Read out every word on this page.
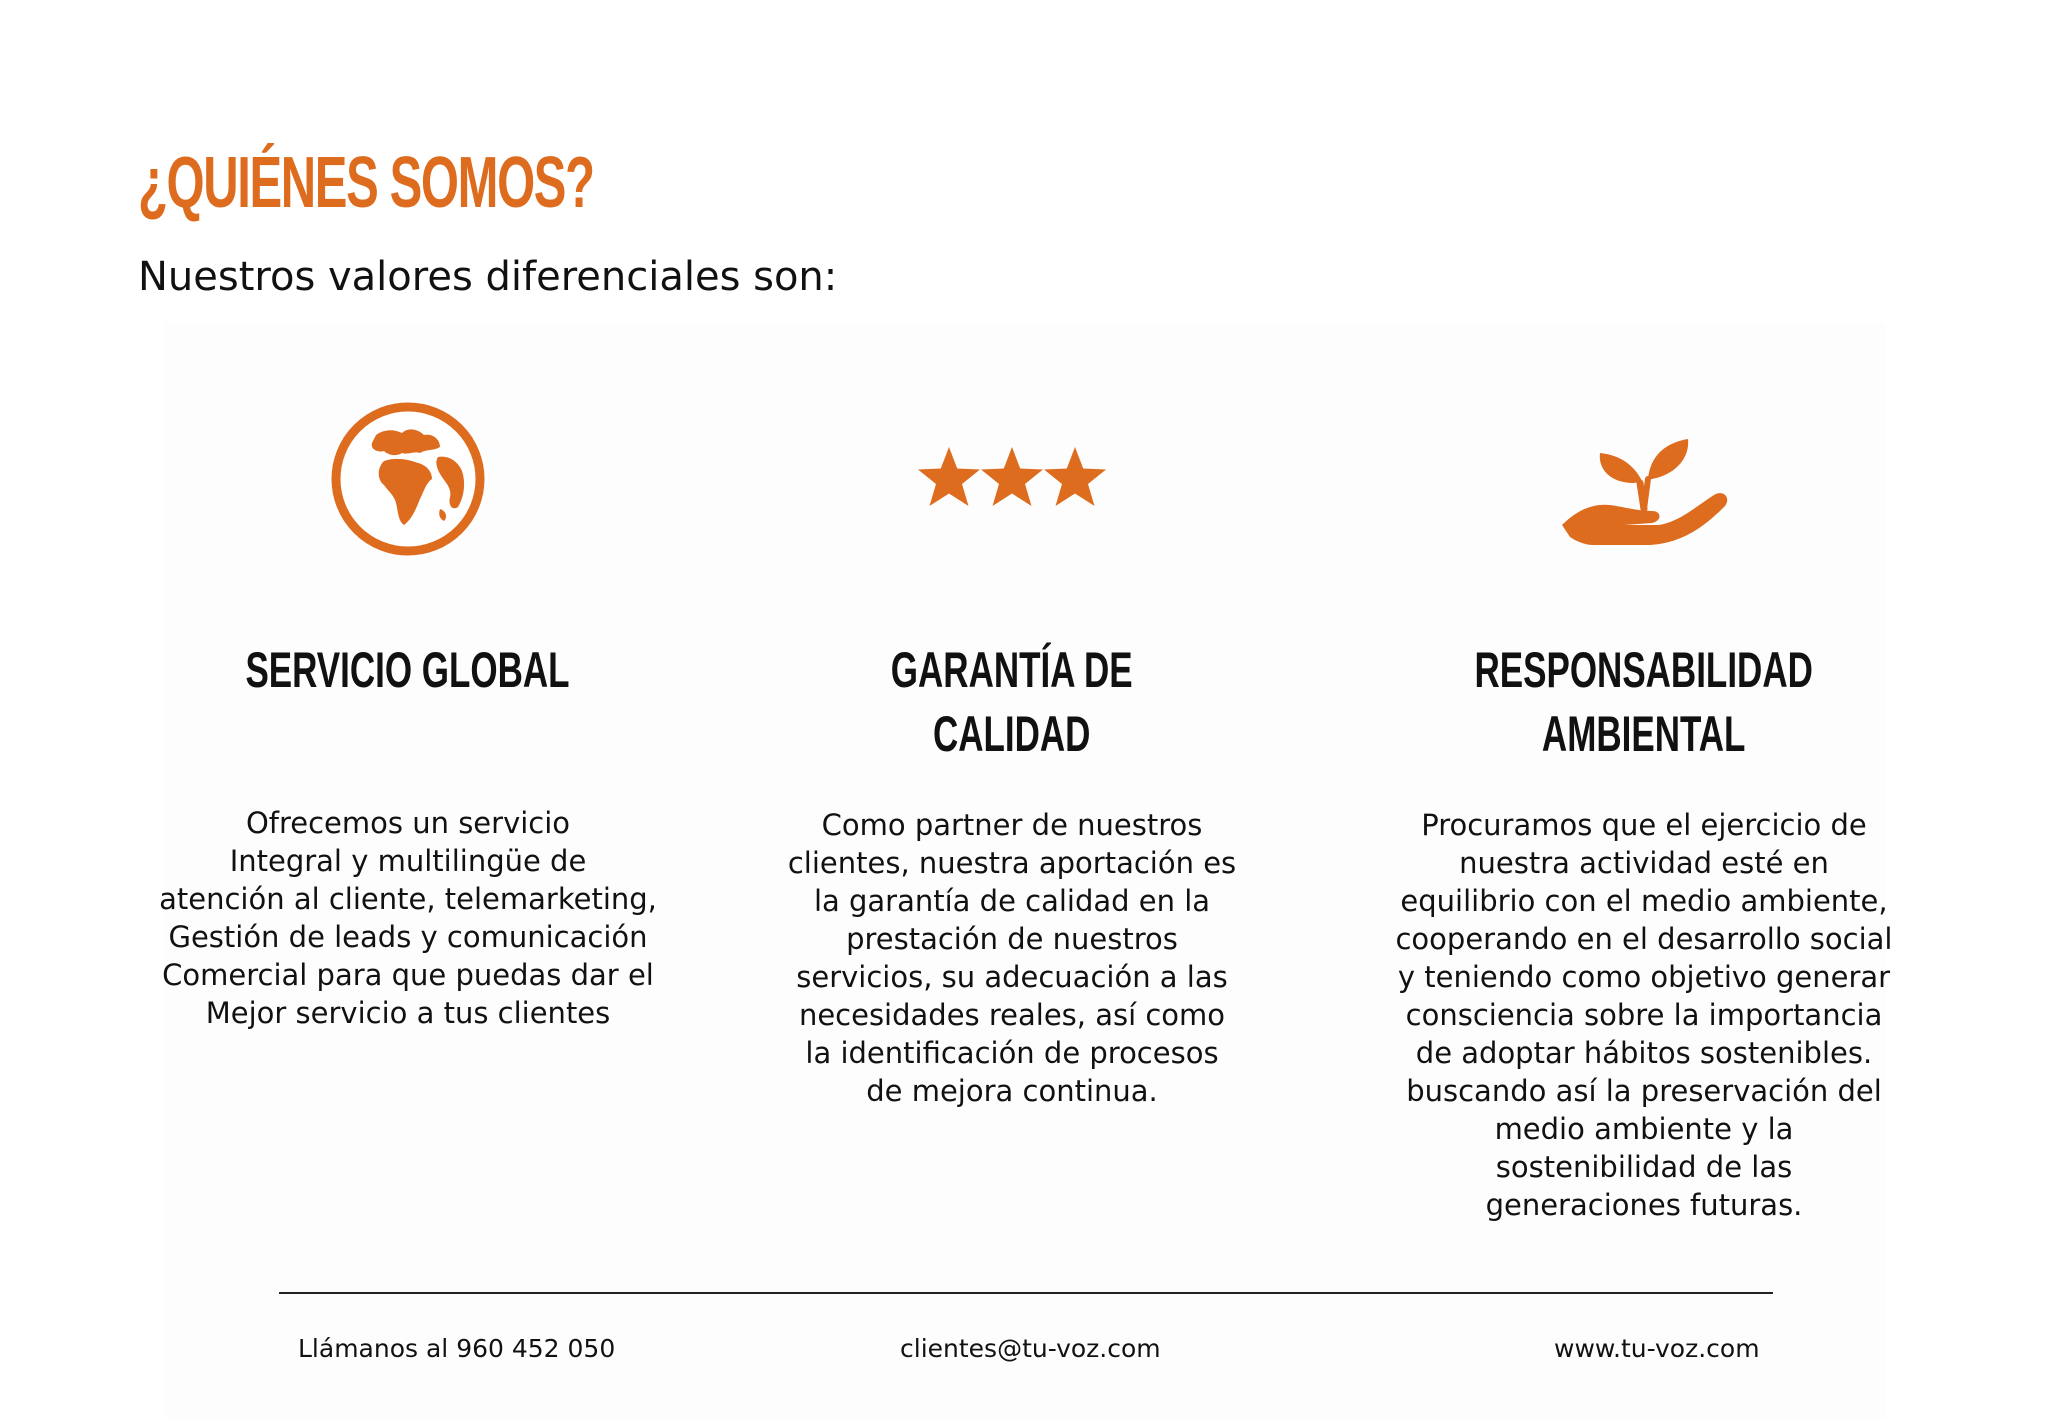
¿QUIÉNES SOMOS?

Nuestros valores diferenciales son:

SERVICIO GLOBAL

Ofrecemos un servicio
Integral y multilingüe de
atención al cliente, telemarketing,
Gestión de leads y comunicación
Comercial para que puedas dar el
Mejor servicio a tus clientes

GARANTÍA DE
CALIDAD

Como partner de nuestros
clientes, nuestra aportación es
la garantía de calidad en la
prestación de nuestros
servicios, su adecuación a las
necesidades reales, así como
la identificación de procesos
de mejora continua.

RESPONSABILIDAD
AMBIENTAL

Procuramos que el ejercicio de
nuestra actividad esté en
equilibrio con el medio ambiente,
cooperando en el desarrollo social
y teniendo como objetivo generar
consciencia sobre la importancia
de adoptar hábitos sostenibles.
buscando así la preservación del
medio ambiente y la
sostenibilidad de las
generaciones futuras.

Llámanos al 960 452 050	clientes@tu-voz.com	www.tu-voz.com
